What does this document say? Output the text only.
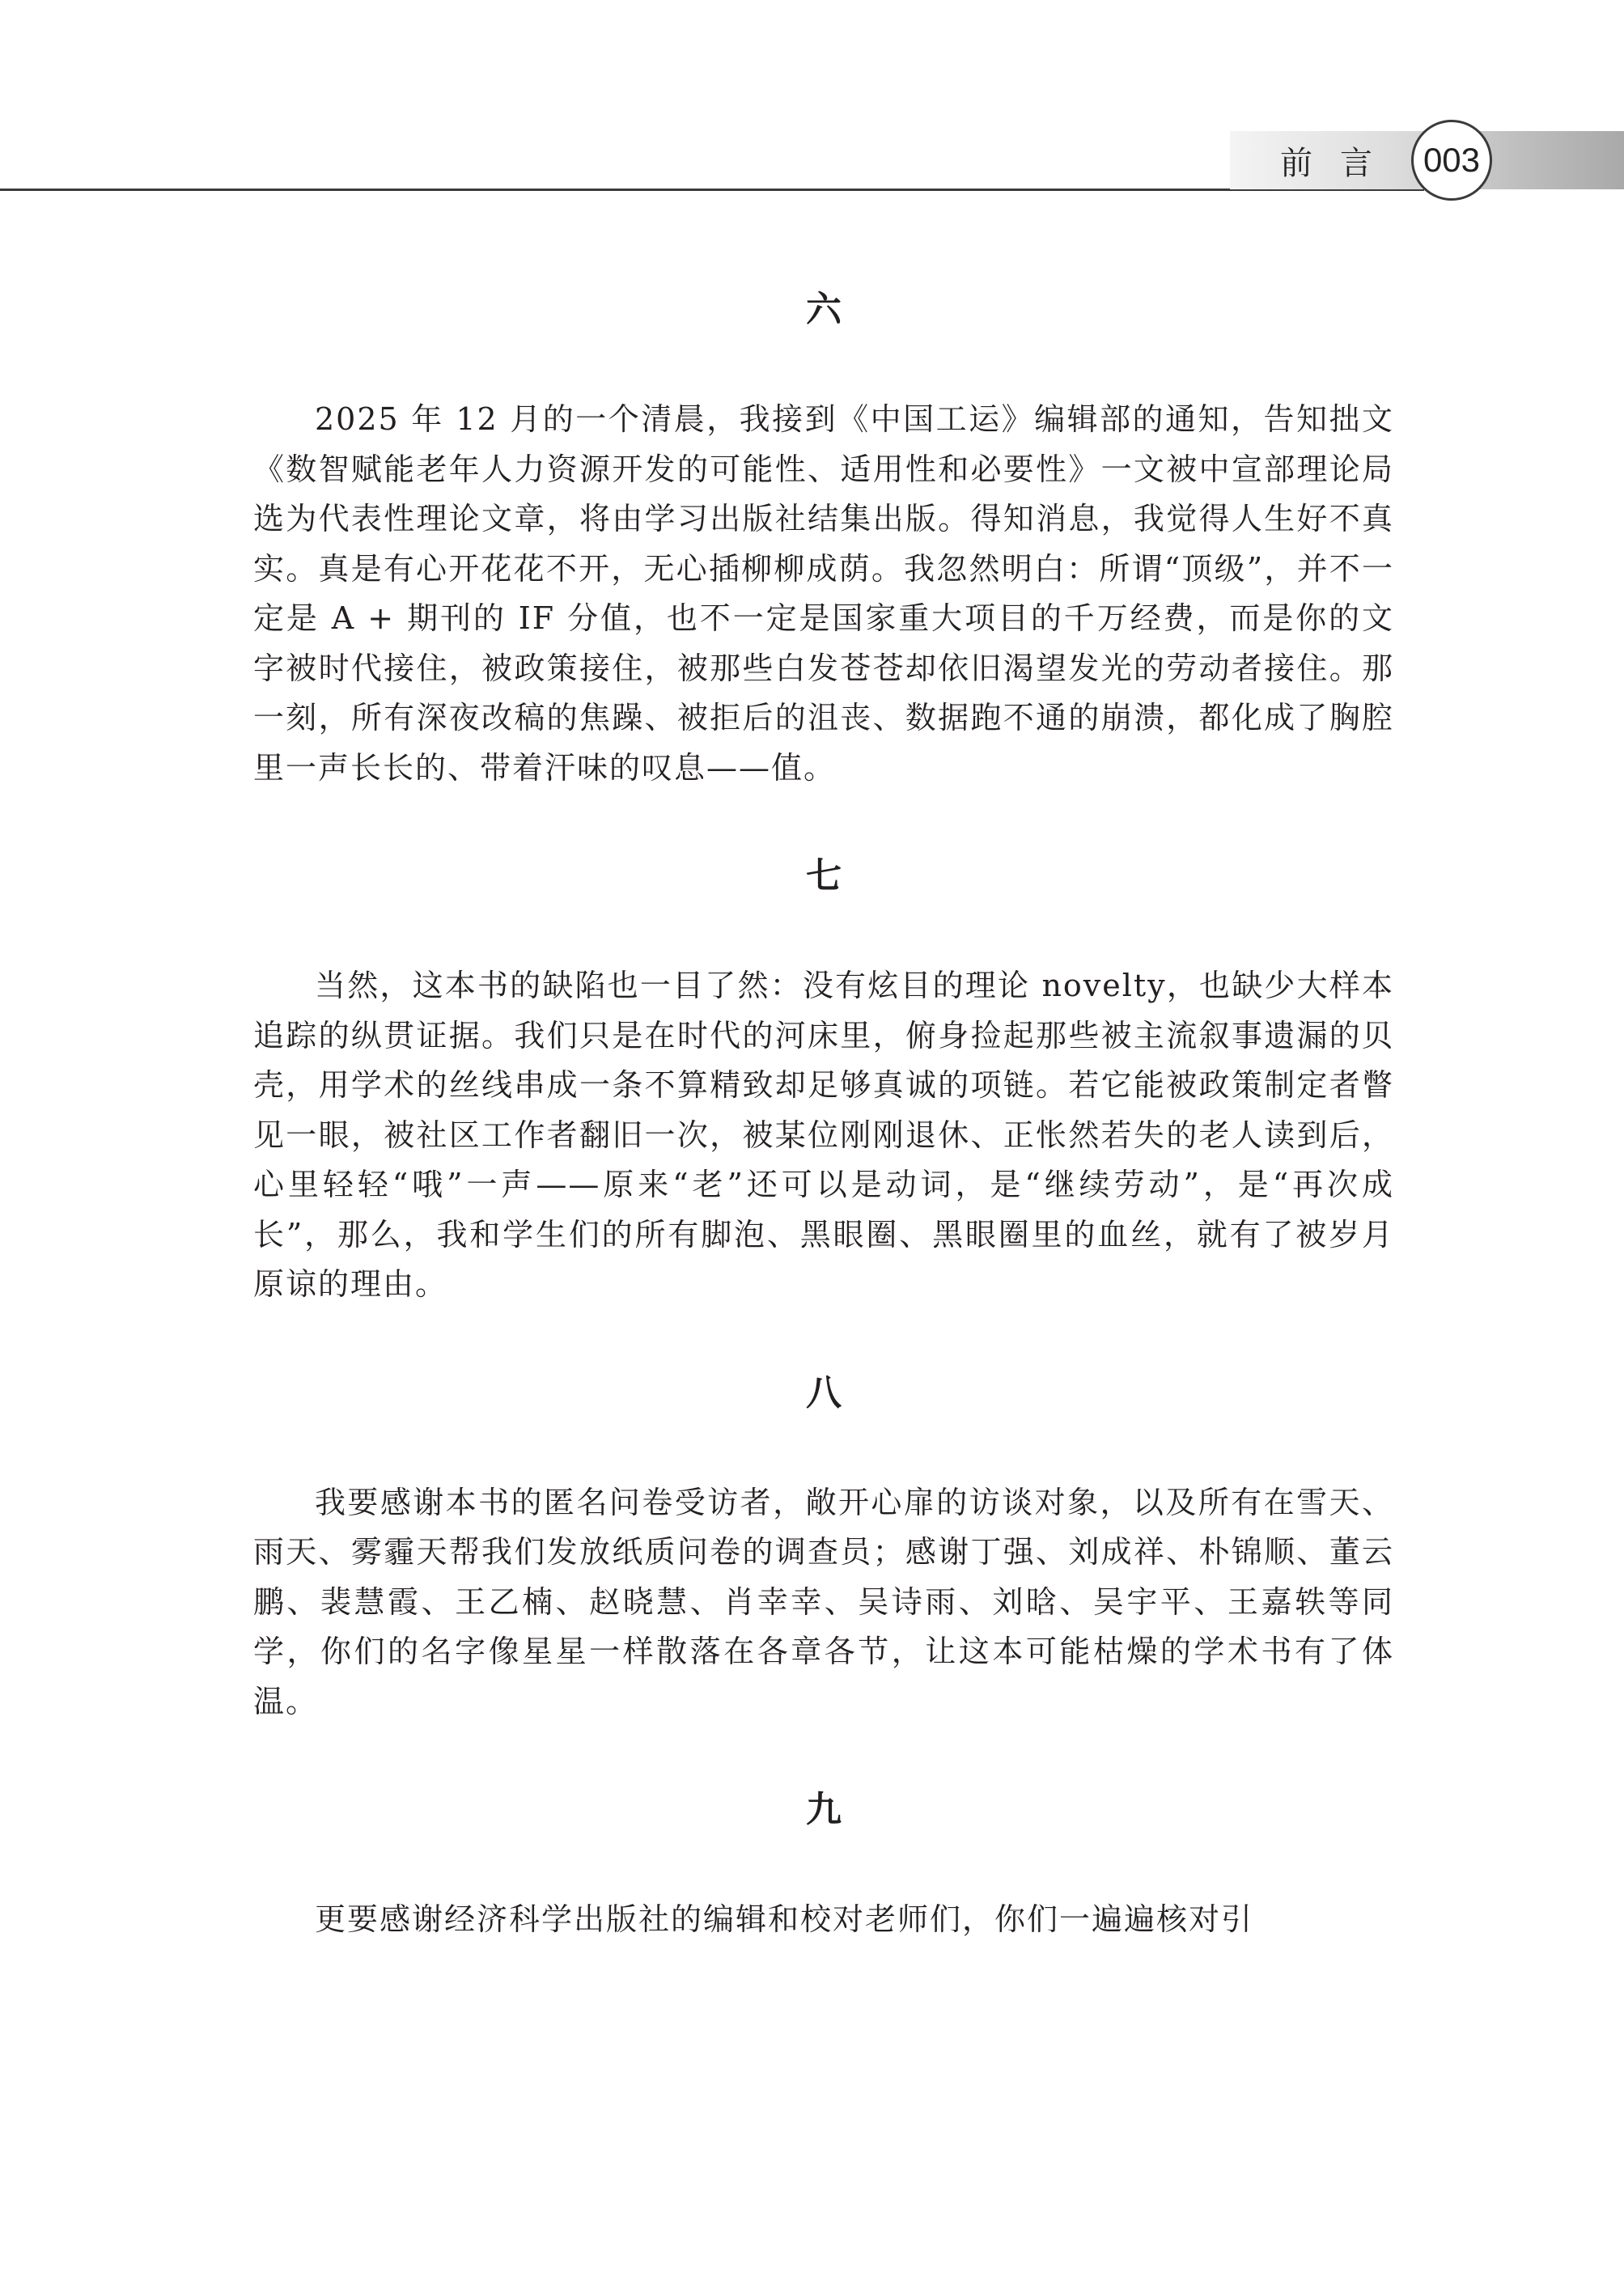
前言 003
六

2025 年 12 月的一个清晨，我接到《中国工运》编辑部的通知，告知拙文《数智赋能老年人力资源开发的可能性、适用性和必要性》一文被中宣部理论局选为代表性理论文章，将由学习出版社结集出版。得知消息，我觉得人生好不真实。真是有心开花花不开，无心插柳柳成荫。我忽然明白：所谓“顶级”，并不一定是 A + 期刊的 IF 分值，也不一定是国家重大项目的千万经费，而是你的文字被时代接住，被政策接住，被那些白发苍苍却依旧渴望发光的劳动者接住。那一刻，所有深夜改稿的焦躁、被拒后的沮丧、数据跑不通的崩溃，都化成了胸腔里一声长长的、带着汗味的叹息——值。

七

当然，这本书的缺陷也一目了然：没有炫目的理论 novelty，也缺少大样本追踪的纵贯证据。我们只是在时代的河床里，俯身捡起那些被主流叙事遗漏的贝壳，用学术的丝线串成一条不算精致却足够真诚的项链。若它能被政策制定者瞥见一眼，被社区工作者翻旧一次，被某位刚刚退休、正怅然若失的老人读到后，心里轻轻“哦”一声——原来“老”还可以是动词，是“继续劳动”，是“再次成长”，那么，我和学生们的所有脚泡、黑眼圈、黑眼圈里的血丝，就有了被岁月原谅的理由。

八

我要感谢本书的匿名问卷受访者，敞开心扉的访谈对象，以及所有在雪天、雨天、雾霾天帮我们发放纸质问卷的调查员；感谢丁强、刘成祥、朴锦顺、董云鹏、裴慧霞、王乙楠、赵晓慧、肖幸幸、吴诗雨、刘晗、吴宇平、王嘉轶等同学，你们的名字像星星一样散落在各章各节，让这本可能枯燥的学术书有了体温。

九

更要感谢经济科学出版社的编辑和校对老师们，你们一遍遍核对引
